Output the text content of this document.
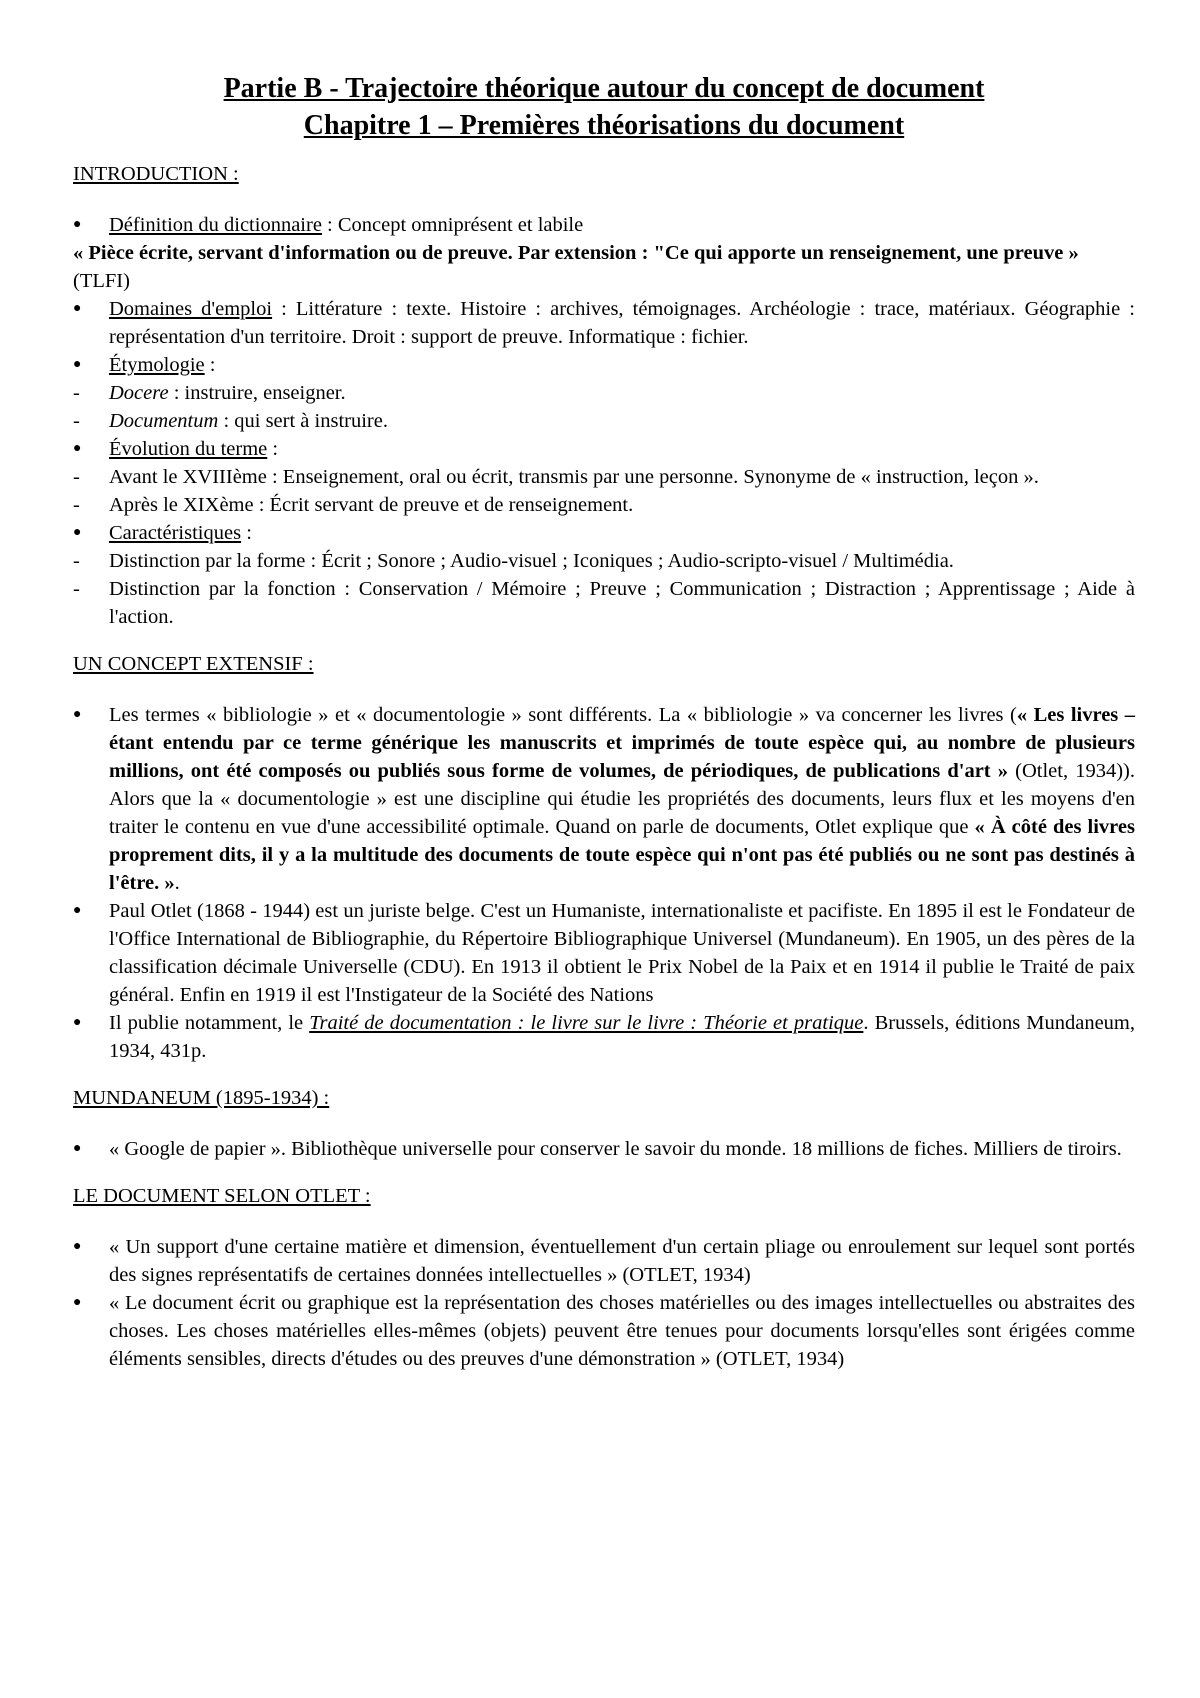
Partie B - Trajectoire théorique autour du concept de document
Chapitre 1 – Premières théorisations du document
INTRODUCTION :
● Définition du dictionnaire : Concept omniprésent et labile

« Pièce écrite, servant d'information ou de preuve. Par extension : "Ce qui apporte un renseignement, une preuve » (TLFI)

● Domaines d'emploi : Littérature : texte. Histoire : archives, témoignages. Archéologie : trace, matériaux. Géographie : représentation d'un territoire. Droit : support de preuve. Informatique : fichier.
● Étymologie :
- Docere : instruire, enseigner.
- Documentum : qui sert à instruire.
● Évolution du terme :
- Avant le XVIIIème : Enseignement, oral ou écrit, transmis par une personne. Synonyme de « instruction, leçon ».
- Après le XIXème : Écrit servant de preuve et de renseignement.
● Caractéristiques :
- Distinction par la forme : Écrit ; Sonore ; Audio-visuel ; Iconiques ; Audio-scripto-visuel / Multimédia.
- Distinction par la fonction : Conservation / Mémoire ; Preuve ; Communication ; Distraction ; Apprentissage ; Aide à l'action.
UN CONCEPT EXTENSIF :
● Les termes « bibliologie » et « documentologie » sont différents. La « bibliologie » va concerner les livres (« Les livres – étant entendu par ce terme générique les manuscrits et imprimés de toute espèce qui, au nombre de plusieurs millions, ont été composés ou publiés sous forme de volumes, de périodiques, de publications d'art » (Otlet, 1934)). Alors que la « documentologie » est une discipline qui étudie les propriétés des documents, leurs flux et les moyens d'en traiter le contenu en vue d'une accessibilité optimale. Quand on parle de documents, Otlet explique que « À côté des livres proprement dits, il y a la multitude des documents de toute espèce qui n'ont pas été publiés ou ne sont pas destinés à l'être. ».
● Paul Otlet (1868 - 1944) est un juriste belge. C'est un Humaniste, internationaliste et pacifiste. En 1895 il est le Fondateur de l'Office International de Bibliographie, du Répertoire Bibliographique Universel (Mundaneum). En 1905, un des pères de la classification décimale Universelle (CDU). En 1913 il obtient le Prix Nobel de la Paix et en 1914 il publie le Traité de paix général. Enfin en 1919 il est l'Instigateur de la Société des Nations
● Il publie notamment, le Traité de documentation : le livre sur le livre : Théorie et pratique. Brussels, éditions Mundaneum, 1934, 431p.
MUNDANEUM (1895-1934) :
● « Google de papier ». Bibliothèque universelle pour conserver le savoir du monde. 18 millions de fiches. Milliers de tiroirs.
LE DOCUMENT SELON OTLET :
● « Un support d'une certaine matière et dimension, éventuellement d'un certain pliage ou enroulement sur lequel sont portés des signes représentatifs de certaines données intellectuelles » (OTLET, 1934)
● « Le document écrit ou graphique est la représentation des choses matérielles ou des images intellectuelles ou abstraites des choses. Les choses matérielles elles-mêmes (objets) peuvent être tenues pour documents lorsqu'elles sont érigées comme éléments sensibles, directs d'études ou des preuves d'une démonstration » (OTLET, 1934)
